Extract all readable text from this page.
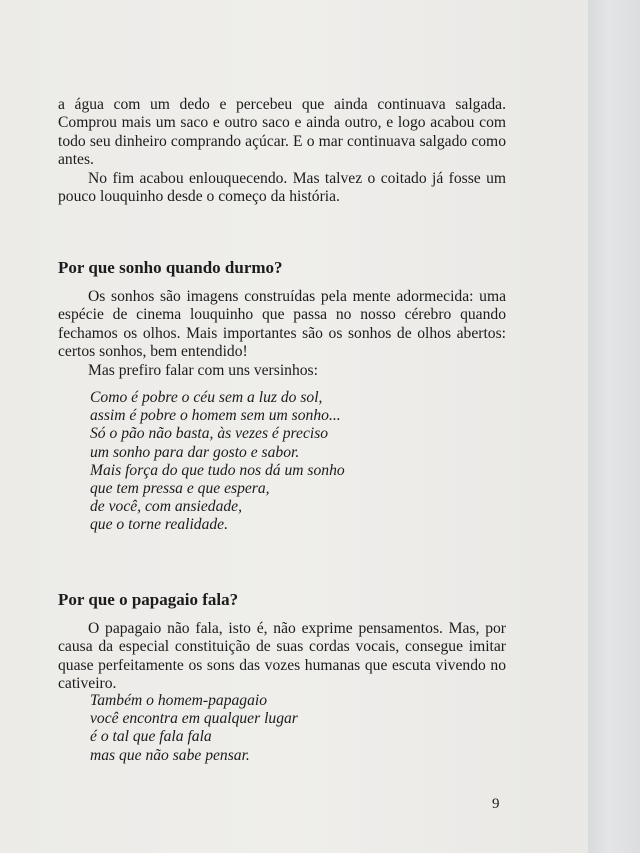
a água com um dedo e percebeu que ainda continuava salgada. Comprou mais um saco e outro saco e ainda outro, e logo acabou com todo seu dinheiro comprando açúcar. E o mar continuava salgado como antes.

No fim acabou enlouquecendo. Mas talvez o coitado já fosse um pouco louquinho desde o começo da história.

Por que sonho quando durmo?

Os sonhos são imagens construídas pela mente adormecida: uma espécie de cinema louquinho que passa no nosso cérebro quando fechamos os olhos. Mais importantes são os sonhos de olhos abertos: certos sonhos, bem entendido!

Mas prefiro falar com uns versinhos:

Como é pobre o céu sem a luz do sol,
assim é pobre o homem sem um sonho...
Só o pão não basta, às vezes é preciso
um sonho para dar gosto e sabor.
Mais força do que tudo nos dá um sonho
que tem pressa e que espera,
de você, com ansiedade,
que o torne realidade.
Por que o papagaio fala?

O papagaio não fala, isto é, não exprime pensamentos. Mas, por causa da especial constituição de suas cordas vocais, consegue imitar quase perfeitamente os sons das vozes humanas que escuta vivendo no cativeiro.

Também o homem-papagaio
você encontra em qualquer lugar
é o tal que fala fala
mas que não sabe pensar.
9
